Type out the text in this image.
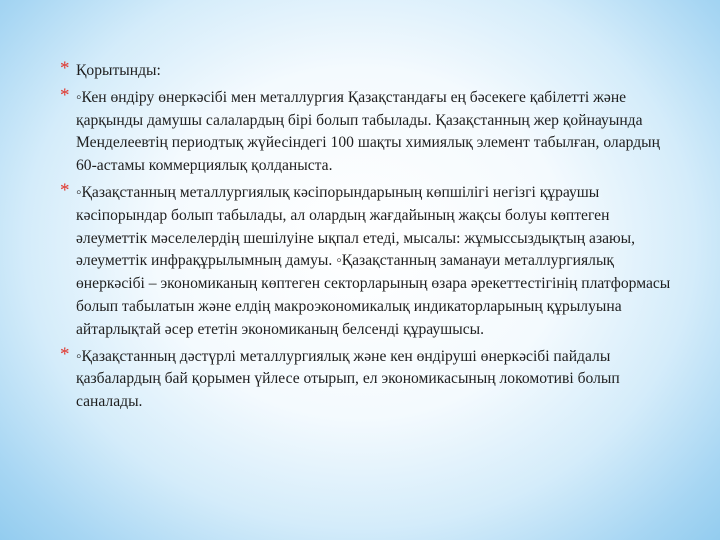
* Қорытынды:
* ◦Кен өндіру өнеркәсібі мен металлургия Қазақстандағы ең бәсекеге қабілетті және қарқынды дамушы салалардың бірі болып табылады. Қазақстанның жер қойнауында Менделеевтің периодтық жүйесіндегі 100 шақты химиялық элемент табылған, олардың 60-астамы коммерциялық қолданыста.
* ◦Қазақстанның металлургиялық кәсіпорындарының көпшілігі негізгі құраушы кәсіпорындар болып табылады, ал олардың жағдайының жақсы болуы көптеген әлеуметтік мәселелердің шешілуіне ықпал етеді, мысалы: жұмыссыздықтың азаюы, әлеуметтік инфрақұрылымның дамуы. ◦Қазақстанның заманауи металлургиялық өнеркәсібі – экономиканың көптеген секторларының өзара әрекеттестігінің платформасы болып табылатын және елдің макроэкономикалық индикаторларының құрылуына айтарлықтай әсер ететін экономиканың белсенді құраушысы.
* ◦Қазақстанның дәстүрлі металлургиялық және кен өндіруші өнеркәсібі пайдалы қазбалардың бай қорымен үйлесе отырып, ел экономикасының локомотиві болып саналады.
